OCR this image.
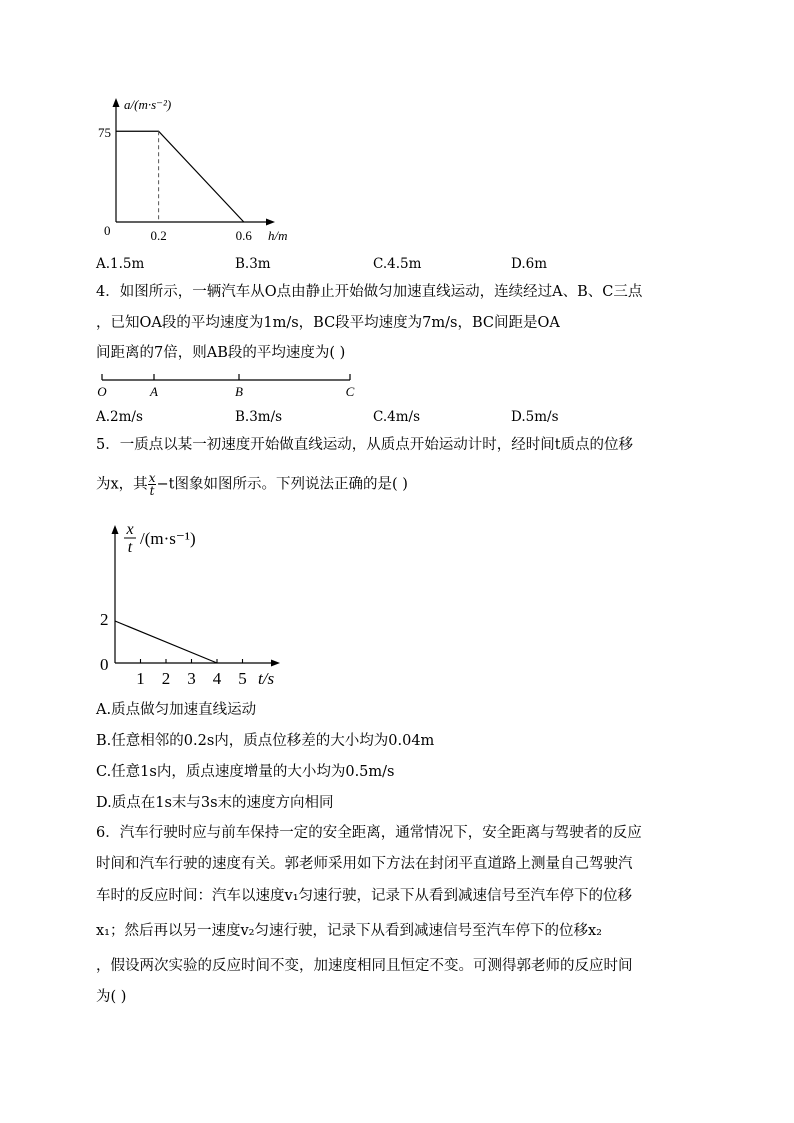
a/(m·s⁻²)
75
0	0.2	0.6 h/m
A.1.5m	B.3m	C.4.5m	D.6m
4．如图所示，一辆汽车从O点由静止开始做匀加速直线运动，连续经过A、B、C三点
，已知OA段的平均速度为1m/s，BC段平均速度为7m/s，BC间距是OA
间距离的7倍，则AB段的平均速度为( )
O	A	B	C
A.2m/s	B.3m/s	C.4m/s	D.5m/s
5．一质点以某一初速度开始做直线运动，从质点开始运动计时，经时间t质点的位移
为x，其 $\frac{x}{t} -t$图象如图所示。下列说法正确的是( )
x
t /(m·s⁻¹)
2
0
1 2 3 4 5 t/s
A.质点做匀加速直线运动
B.任意相邻的0.2s内，质点位移差的大小均为0.04m
C.任意1s内，质点速度增量的大小均为0.5m/s
D.质点在1s末与3s末的速度方向相同
6．汽车行驶时应与前车保持一定的安全距离，通常情况下，安全距离与驾驶者的反应
时间和汽车行驶的速度有关。郭老师采用如下方法在封闭平直道路上测量自己驾驶汽
车时的反应时间：汽车以速度v₁匀速行驶，记录下从看到减速信号至汽车停下的位移
x₁；然后再以另一速度v₂匀速行驶，记录下从看到减速信号至汽车停下的位移x₂
，假设两次实验的反应时间不变，加速度相同且恒定不变。可测得郭老师的反应时间
为( )
